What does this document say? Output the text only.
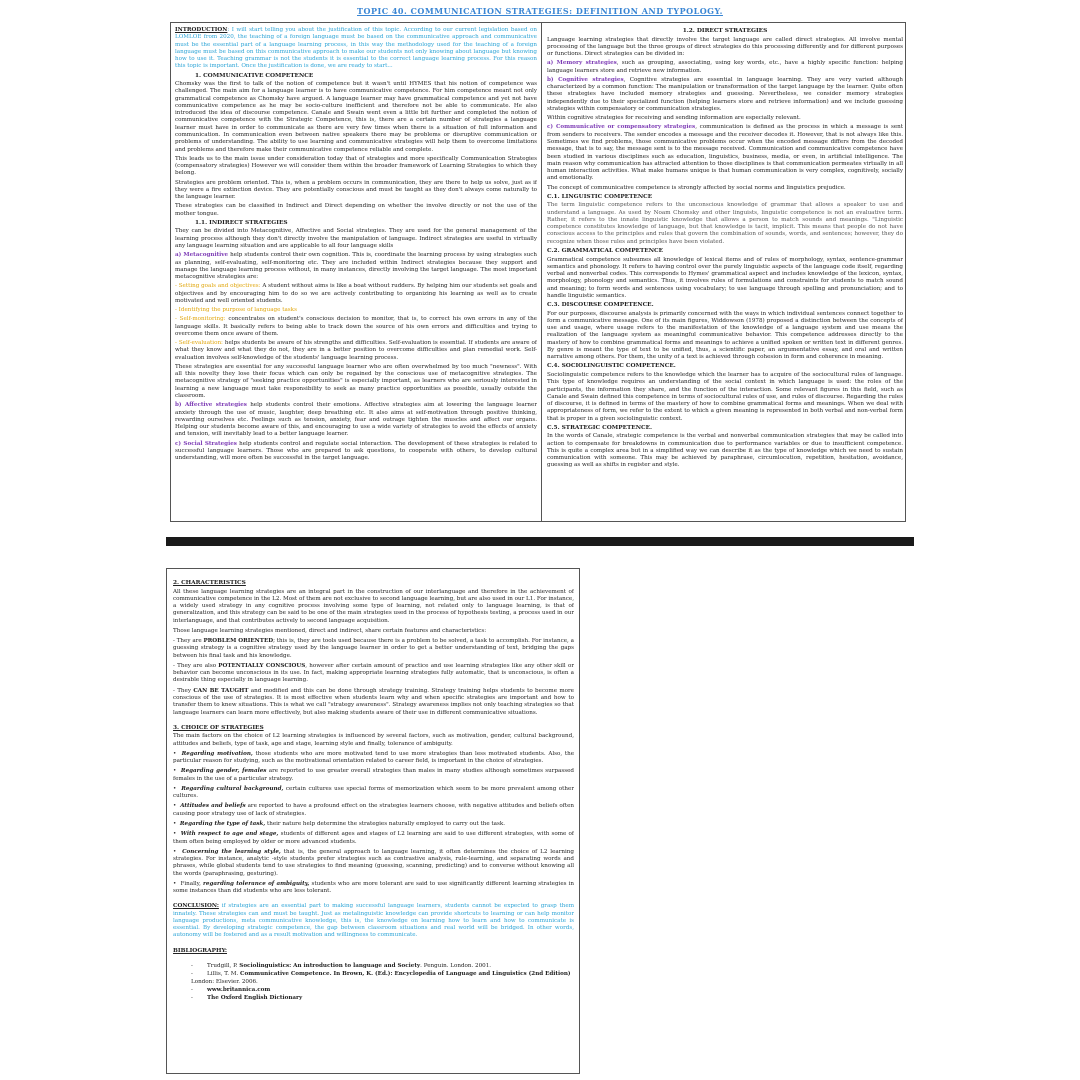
TOPIC 40. COMMUNICATION STRATEGIES: DEFINITION AND TYPOLOGY.

INTRODUCTION: I will start telling you about the justification of this topic. According to our current legislation based on LOMLOE from 2020, the teaching of a foreign language must be based on the communicative approach and communicative must be the essential part of a language learning process, in this way the methodology used for the teaching of a foreign language must be based on this communicative approach to make our students not only knowing about language but knowing how to use it. Teaching grammar is not the students it is essential to the correct language learning process. For this reason this topic is important. Once the justification is done, we are ready to start...

1. COMMUNICATIVE COMPETENCE

Chomsky was the first to talk of the notion of competence but it wasn't until HYMES that his notion of competence was challenged. The main aim for a language learner is to have communicative competence. For him competence meant not only grammatical competence as Chomsky have argued. A language learner may have grammatical competence and yet not have communicative competence as he may be socio-culture inefficient and therefore not be able to communicate. He also introduced the idea of discourse competence. Canale and Swain went even a little bit further and completed the notion of communicative competence with the Strategic Competence, this is, there are a certain number of strategies a language learner must have in order to communicate as there are very few times when there is a situation of full information and communication. In communication even between native speakers there may be problems or disruptive communication or problems of understanding. The ability to use learning and communicative strategies will help them to overcome limitations and problems and therefore make their communicative competence reliable and complete.

This leads us to the main issue under consideration today that of strategies and more specifically Communication Strategies (compensatory strategies) However we will consider them within the broader framework of Learning Strategies to which they belong.

Strategies are problem oriented. This is, when a problem occurs in communication, they are there to help us solve, just as if they were a fire extinction device. They are potentially conscious and must be taught as they don't always come naturally to the language learner.

These strategies can be classified in Indirect and Direct depending on whether the involve directly or not the use of the mother tongue.

1.1. INDIRECT STRATEGIES

They can be divided into Metacognitive, Affective and Social strategies. They are used for the general management of the learning process although they don't directly involve the manipulation of language. Indirect strategies are useful in virtually any language learning situation and are applicable to all four language skills

a) Metacognitive help students control their own cognition. This is, coordinate the learning process by using strategies such as planning, self-evaluating, self-monitoring etc. They are included within Indirect strategies because they support and manage the language learning process without, in many instances, directly involving the target language. The most important metacognitive strategies are:

- Setting goals and objectives: A student without aims is like a boat without rudders. By helping him our students set goals and objectives and by encouraging him to do so we are actively contributing to organizing his learning as well as to create motivated and well oriented students.

- Identifying the purpose of language tasks

- Self-monitoring: concentrates on student's conscious decision to monitor, that is, to correct his own errors in any of the language skills. It basically refers to being able to track down the source of his own errors and difficulties and trying to overcome them once aware of them.

- Self-evaluation: helps students be aware of his strengths and difficulties. Self-evaluation is essential. If students are aware of what they know and what they do not, they are in a better position to overcome difficulties and plan remedial work. Self-evaluation involves self-knowledge of the students' language learning process.

These strategies are essential for any successful language learner who are often overwhelmed by too much "newness". With all this novelty they lose their focus which can only be regained by the conscious use of metacognitive strategies. The metacognitive strategy of "seeking practice opportunities" is especially important, as learners who are seriously interested in learning a new language must take responsibility to seek as many practice opportunities as possible, usually outside the classroom.

b) Affective strategies help students control their emotions. Affective strategies aim at lowering the language learner anxiety through the use of music, laughter, deep breathing etc. It also aims at self-motivation through positive thinking, rewarding ourselves etc. Feelings such as tension, anxiety, fear and outrage tighten the muscles and affect our organs. Helping our students become aware of this, and encouraging to use a wide variety of strategies to avoid the effects of anxiety and tension, will inevitably lead to a better language learner.

c) Social Strategies help students control and regulate social interaction. The development of these strategies is related to successful language learners. Those who are prepared to ask questions, to cooperate with others, to develop cultural understanding, will more often be successful in the target language.

1.2. DIRECT STRATEGIES

Language learning strategies that directly involve the target language are called direct strategies. All involve mental processing of the language but the three groups of direct strategies do this processing differently and for different purposes or functions. Direct strategies can be divided in:

a) Memory strategies, such as grouping, associating, using key words, etc., have a highly specific function: helping language learners store and retrieve new information.

b) Cognitive strategies, Cognitive strategies are essential in language learning. They are very varied although characterized by a common function: The manipulation or transformation of the target language by the learner. Quite often these strategies have included memory strategies and guessing. Nevertheless, we consider memory strategies independently due to their specialized function (helping learners store and retrieve information) and we include guessing strategies within compensatory or communication strategies.

Within cognitive strategies for receiving and sending information are especially relevant.

c) Communicative or compensatory strategies, communication is defined as the process in which a message is sent from senders to receivers. The sender encodes a message and the receiver decodes it. However, that is not always like this. Sometimes we find problems, those communicative problems occur when the encoded message differs from the decoded message, that is to say, the message sent is to the message received. Communication and communicative competence have been studied in various disciplines such as education, linguistics, business, media, or even, in artificial intelligence. The main reason why communication has attracted attention to those disciplines is that communication permeates virtually in all human interaction activities. What make humans unique is that human communication is very complex, cognitively, socially and emotionally.

The concept of communicative competence is strongly affected by social norms and linguistics prejudice.

C.1. LINGUISTIC COMPETENCE

The term linguistic competence refers to the unconscious knowledge of grammar that allows a speaker to use and understand a language. As used by Noam Chomsky and other linguists, linguistic competence is not an evaluative term. Rather, it refers to the innate linguistic knowledge that allows a person to match sounds and meanings. "Linguistic competence constitutes knowledge of language, but that knowledge is tacit, implicit. This means that people do not have conscious access to the principles and rules that govern the combination of sounds, words, and sentences; however, they do recognize when those rules and principles have been violated.

C.2. GRAMMATICAL COMPETENCE

Grammatical competence subsumes all knowledge of lexical items and of rules of morphology, syntax, sentence-grammar semantics and phonology. It refers to having control over the purely linguistic aspects of the language code itself, regarding verbal and nonverbal codes. This corresponds to Hymes' grammatical aspect and includes knowledge of the lexicon, syntax, morphology, phonology and semantics. Thus, it involves rules of formulations and constraints for students to match sound and meaning; to form words and sentences using vocabulary; to use language through spelling and pronunciation; and to handle linguistic semantics.

C.3. DISCOURSE COMPETENCE.

For our purposes, discourse analysis is primarily concerned with the ways in which individual sentences connect together to form a communicative message. One of its main figures, Widdowson (1978) proposed a distinction between the concepts of use and usage, where usage refers to the manifestation of the knowledge of a language system and use means the realization of the language system as meaningful communicative behavior. This competence addresses directly to the mastery of how to combine grammatical forms and meanings to achieve a unified spoken or written text in different genres. By genre is meant the type of text to be unified, thus, a scientific paper, an argumentative essay, and oral and written narrative among others. For them, the unity of a text is achieved through cohesion in form and coherence in meaning.

C.4. SOCIOLINGUISTIC COMPETENCE.

Sociolinguistic competence refers to the knowledge which the learner has to acquire of the sociocultural rules of language. This type of knowledge requires an understanding of the social context in which language is used: the roles of the participants, the information they share, and the function of the interaction. Some relevant figures in this field, such as Canale and Swain defined this competence in terms of sociocultural rules of use, and rules of discourse. Regarding the rules of discourse, it is defined in terms of the mastery of how to combine grammatical forms and meanings. When we deal with appropriateness of form, we refer to the extent to which a given meaning is represented in both verbal and non-verbal form that is proper in a given sociolinguistic context.

C.5. STRATEGIC COMPETENCE.

In the words of Canale, strategic competence is the verbal and nonverbal communication strategies that may be called into action to compensate for breakdowns in communication due to performance variables or due to insufficient competence. This is quite a complex area but in a simplified way we can describe it as the type of knowledge which we need to sustain communication with someone. This may be achieved by paraphrase, circumlocution, repetition, hesitation, avoidance, guessing as well as shifts in register and style.

2. CHARACTERISTICS

All these language learning strategies are an integral part in the construction of our interlanguage and therefore in the achievement of communicative competence in the L2. Most of them are not exclusive to second language learning, but are also used in our L1. For instance, a widely used strategy in any cognitive process involving some type of learning, not related only to language learning, is that of generalization, and this strategy can be said to be one of the main strategies used in the process of hypothesis testing, a process used in our interlanguage, and that contributes actively to second language acquisition.

Those language learning strategies mentioned, direct and indirect, share certain features and characteristics:

- They are PROBLEM ORIENTED; this is, they are tools used because there is a problem to be solved, a task to accomplish. For instance, a guessing strategy is a cognitive strategy used by the language learner in order to get a better understanding of text, bridging the gaps between his final task and his knowledge.

- They are also POTENTIALLY CONSCIOUS, however after certain amount of practice and use learning strategies like any other skill or behavior can become unconscious in its use. In fact, making appropriate learning strategies fully automatic, that is unconscious, is often a desirable thing especially in language learning.

- They CAN BE TAUGHT and modified and this can be done through strategy training. Strategy training helps students to become more conscious of the use of strategies. It is most effective when students learn why and when specific strategies are important and how to transfer them to knew situations. This is what we call "strategy awareness". Strategy awareness implies not only teaching strategies so that language learners can learn more effectively, but also making students aware of their use in different communicative situations.

3. CHOICE OF STRATEGIES

The main factors on the choice of L2 learning strategies is influenced by several factors, such as motivation, gender, cultural background, attitudes and beliefs, type of task, age and stage, learning style and finally, tolerance of ambiguity.

•  Regarding motivation, those students who are more motivated tend to use more strategies than less motivated students. Also, the particular reason for studying, such as the motivational orientation related to career field, is important in the choice of strategies.

•  Regarding gender, females are reported to use greater overall strategies than males in many studies although sometimes surpassed females in the use of a particular strategy.

•  Regarding cultural background, certain cultures use special forms of memorization which seem to be more prevalent among other cultures.

•  Attitudes and beliefs are reported to have a profound effect on the strategies learners choose, with negative attitudes and beliefs often causing poor strategy use of lack of strategies.

•  Regarding the type of task, their nature help determine the strategies naturally employed to carry out the task.

•  With respect to age and stage, students of different ages and stages of L2 learning are said to use different strategies, with some of them often being employed by older or more advanced students.

•  Concerning the learning style, that is, the general approach to language learning, it often determines the choice of L2 learning strategies. For instance, analytic -style students prefer strategies such as contrastive analysis, rule-learning, and separating words and phrases, while global students tend to use strategies to find meaning (guessing, scanning, predicting) and to converse without knowing all the words (paraphrasing, gesturing).

•  Finally, regarding tolerance of ambiguity, students who are more tolerant are said to use significantly different learning strategies in some instances than did students who are less tolerant.

CONCLUSION: if strategies are an essential part to making successful language learners, students cannot be expected to grasp them innately. These strategies can and must be taught. Just as metalinguistic knowledge can provide shortcuts to learning or can help monitor language productions, meta communicative knowledge, this is, the knowledge on learning how to learn and how to communicate is essential. By developing strategic competence, the gap between classroom situations and real world will be bridged. In other words, autonomy will be fostered and as a result motivation and willingness to communicate.

BIBLIOGRAPHY:
- Trudgill, P. Sociolinguistics: An introduction to language and Society. Penguin. London. 2001.
- Lillis, T. M. Communicative Competence. In Brown, K. (Ed.): Encyclopedia of Language and Linguistics (2nd Edition) London: Elsevier. 2006.
- www.britannica.com
- The Oxford English Dictionary
